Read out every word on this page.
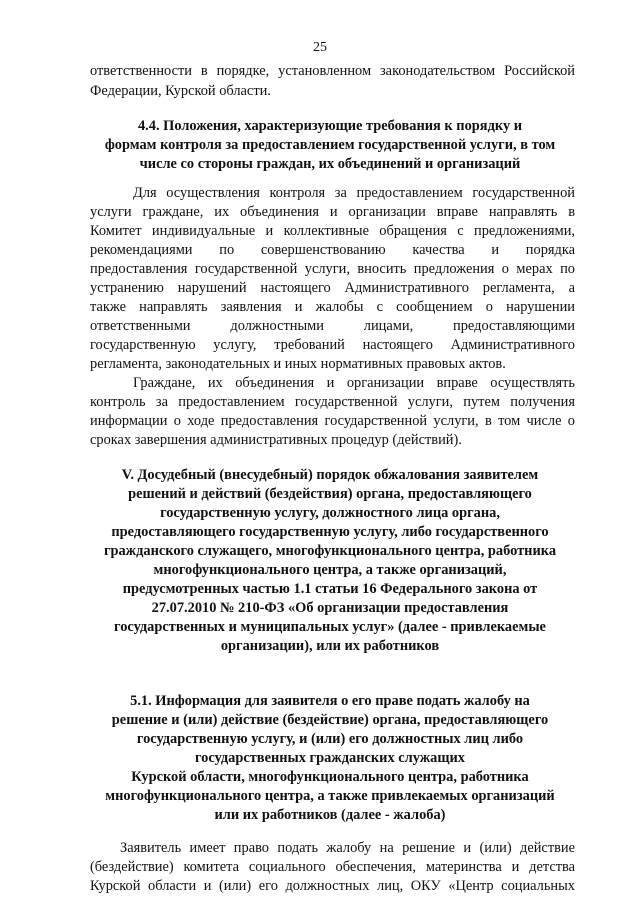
25
ответственности в порядке, установленном законодательством Российской
Федерации, Курской области.
4.4. Положения, характеризующие требования к порядку и
формам контроля за предоставлением государственной услуги, в том
числе со стороны граждан, их объединений и организаций
Для осуществления контроля за предоставлением государственной
услуги граждане, их объединения и организации вправе направлять в
Комитет индивидуальные и коллективные обращения с предложениями,
рекомендациями по совершенствованию качества и порядка
предоставления государственной услуги, вносить предложения о мерах по
устранению нарушений настоящего Административного регламента, а
также направлять заявления и жалобы с сообщением о нарушении
ответственными должностными лицами, предоставляющими
государственную услугу, требований настоящего Административного
регламента, законодательных и иных нормативных правовых актов.
Граждане, их объединения и организации вправе осуществлять
контроль за предоставлением государственной услуги, путем получения
информации о ходе предоставления государственной услуги, в том числе о
сроках завершения административных процедур (действий).
V. Досудебный (внесудебный) порядок обжалования заявителем
решений и действий (бездействия) органа, предоставляющего
государственную услугу, должностного лица органа,
предоставляющего государственную услугу, либо государственного
гражданского служащего, многофункционального центра, работника
многофункционального центра, а также организаций,
предусмотренных частью 1.1 статьи 16 Федерального закона от
27.07.2010 № 210-ФЗ «Об организации предоставления
государственных и муниципальных услуг» (далее - привлекаемые
организации), или их работников
5.1. Информация для заявителя о его праве подать жалобу на
решение и (или) действие (бездействие) органа, предоставляющего
государственную услугу, и (или) его должностных лиц либо
государственных гражданских служащих
Курской области, многофункционального центра, работника
многофункционального центра, а также привлекаемых организаций
или их работников (далее - жалоба)
Заявитель имеет право подать жалобу на решение и (или) действие
(бездействие) комитета социального обеспечения, материнства и детства
Курской области и (или) его должностных лиц, ОКУ «Центр социальных
